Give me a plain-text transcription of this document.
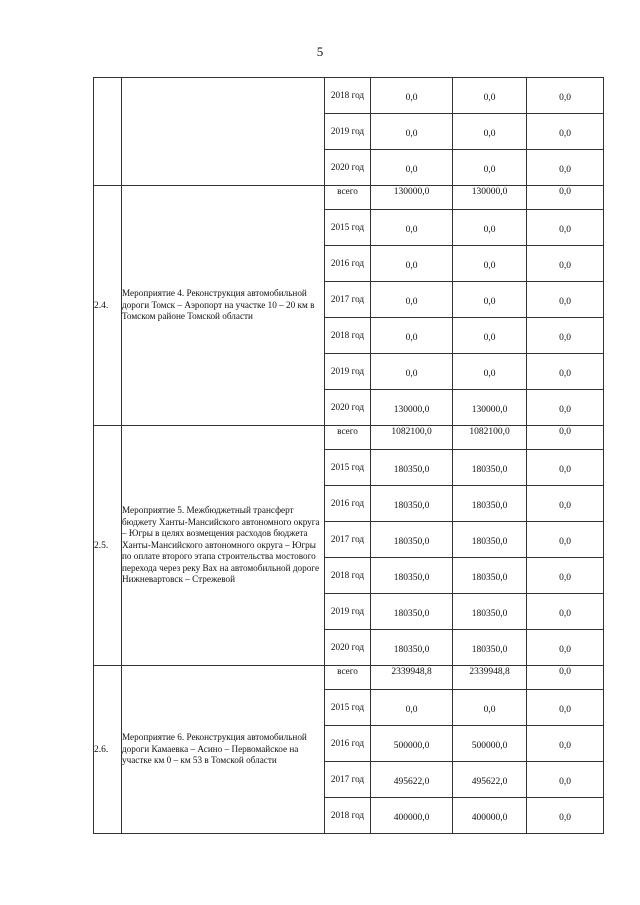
5
		2018 год	0,0	0,0	0,0
		2019 год	0,0	0,0	0,0
		2020 год	0,0	0,0	0,0
2.4.	Мероприятие 4. Реконструкция автомобильной дороги Томск – Аэропорт на участке 10 – 20 км в Томском районе Томской области	всего	130000,0	130000,0	0,0
		2015 год	0,0	0,0	0,0
		2016 год	0,0	0,0	0,0
		2017 год	0,0	0,0	0,0
		2018 год	0,0	0,0	0,0
		2019 год	0,0	0,0	0,0
		2020 год	130000,0	130000,0	0,0
2.5.	Мероприятие 5. Межбюджетный трансферт бюджету Ханты-Мансийского автономного округа – Югры в целях возмещения расходов бюджета Ханты-Мансийского автономного округа – Югры по оплате второго этапа строительства мостового перехода через реку Вах на автомобильной дороге Нижневартовск – Стрежевой	всего	1082100,0	1082100,0	0,0
		2015 год	180350,0	180350,0	0,0
		2016 год	180350,0	180350,0	0,0
		2017 год	180350,0	180350,0	0,0
		2018 год	180350,0	180350,0	0,0
		2019 год	180350,0	180350,0	0,0
		2020 год	180350,0	180350,0	0,0
2.6.	Мероприятие 6. Реконструкция автомобильной дороги Камаевка – Асино – Первомайское на участке км 0 – км 53 в Томской области	всего	2339948,8	2339948,8	0,0
		2015 год	0,0	0,0	0,0
		2016 год	500000,0	500000,0	0,0
		2017 год	495622,0	495622,0	0,0
		2018 год	400000,0	400000,0	0,0
